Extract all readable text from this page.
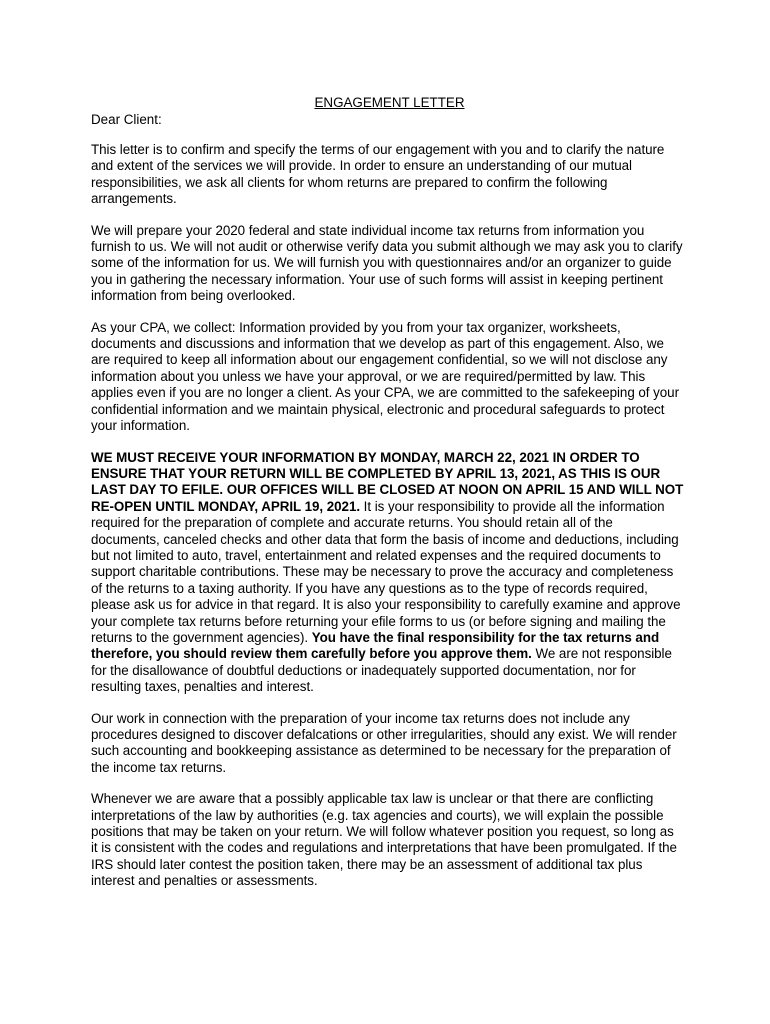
ENGAGEMENT LETTER
Dear Client:

This letter is to confirm and specify the terms of our engagement with you and to clarify the nature and extent of the services we will provide. In order to ensure an understanding of our mutual responsibilities, we ask all clients for whom returns are prepared to confirm the following arrangements.

We will prepare your 2020 federal and state individual income tax returns from information you furnish to us. We will not audit or otherwise verify data you submit although we may ask you to clarify some of the information for us. We will furnish you with questionnaires and/or an organizer to guide you in gathering the necessary information. Your use of such forms will assist in keeping pertinent information from being overlooked.

As your CPA, we collect: Information provided by you from your tax organizer, worksheets, documents and discussions and information that we develop as part of this engagement. Also, we are required to keep all information about our engagement confidential, so we will not disclose any information about you unless we have your approval, or we are required/permitted by law. This applies even if you are no longer a client. As your CPA, we are committed to the safekeeping of your confidential information and we maintain physical, electronic and procedural safeguards to protect your information.

WE MUST RECEIVE YOUR INFORMATION BY MONDAY, MARCH 22, 2021 IN ORDER TO ENSURE THAT YOUR RETURN WILL BE COMPLETED BY APRIL 13, 2021, AS THIS IS OUR LAST DAY TO EFILE. OUR OFFICES WILL BE CLOSED AT NOON ON APRIL 15 AND WILL NOT RE-OPEN UNTIL MONDAY, APRIL 19, 2021. It is your responsibility to provide all the information required for the preparation of complete and accurate returns. You should retain all of the documents, canceled checks and other data that form the basis of income and deductions, including but not limited to auto, travel, entertainment and related expenses and the required documents to support charitable contributions. These may be necessary to prove the accuracy and completeness of the returns to a taxing authority. If you have any questions as to the type of records required, please ask us for advice in that regard. It is also your responsibility to carefully examine and approve your complete tax returns before returning your efile forms to us (or before signing and mailing the returns to the government agencies). You have the final responsibility for the tax returns and therefore, you should review them carefully before you approve them. We are not responsible for the disallowance of doubtful deductions or inadequately supported documentation, nor for resulting taxes, penalties and interest.

Our work in connection with the preparation of your income tax returns does not include any procedures designed to discover defalcations or other irregularities, should any exist. We will render such accounting and bookkeeping assistance as determined to be necessary for the preparation of the income tax returns.

Whenever we are aware that a possibly applicable tax law is unclear or that there are conflicting interpretations of the law by authorities (e.g. tax agencies and courts), we will explain the possible positions that may be taken on your return. We will follow whatever position you request, so long as it is consistent with the codes and regulations and interpretations that have been promulgated. If the IRS should later contest the position taken, there may be an assessment of additional tax plus interest and penalties or assessments.
